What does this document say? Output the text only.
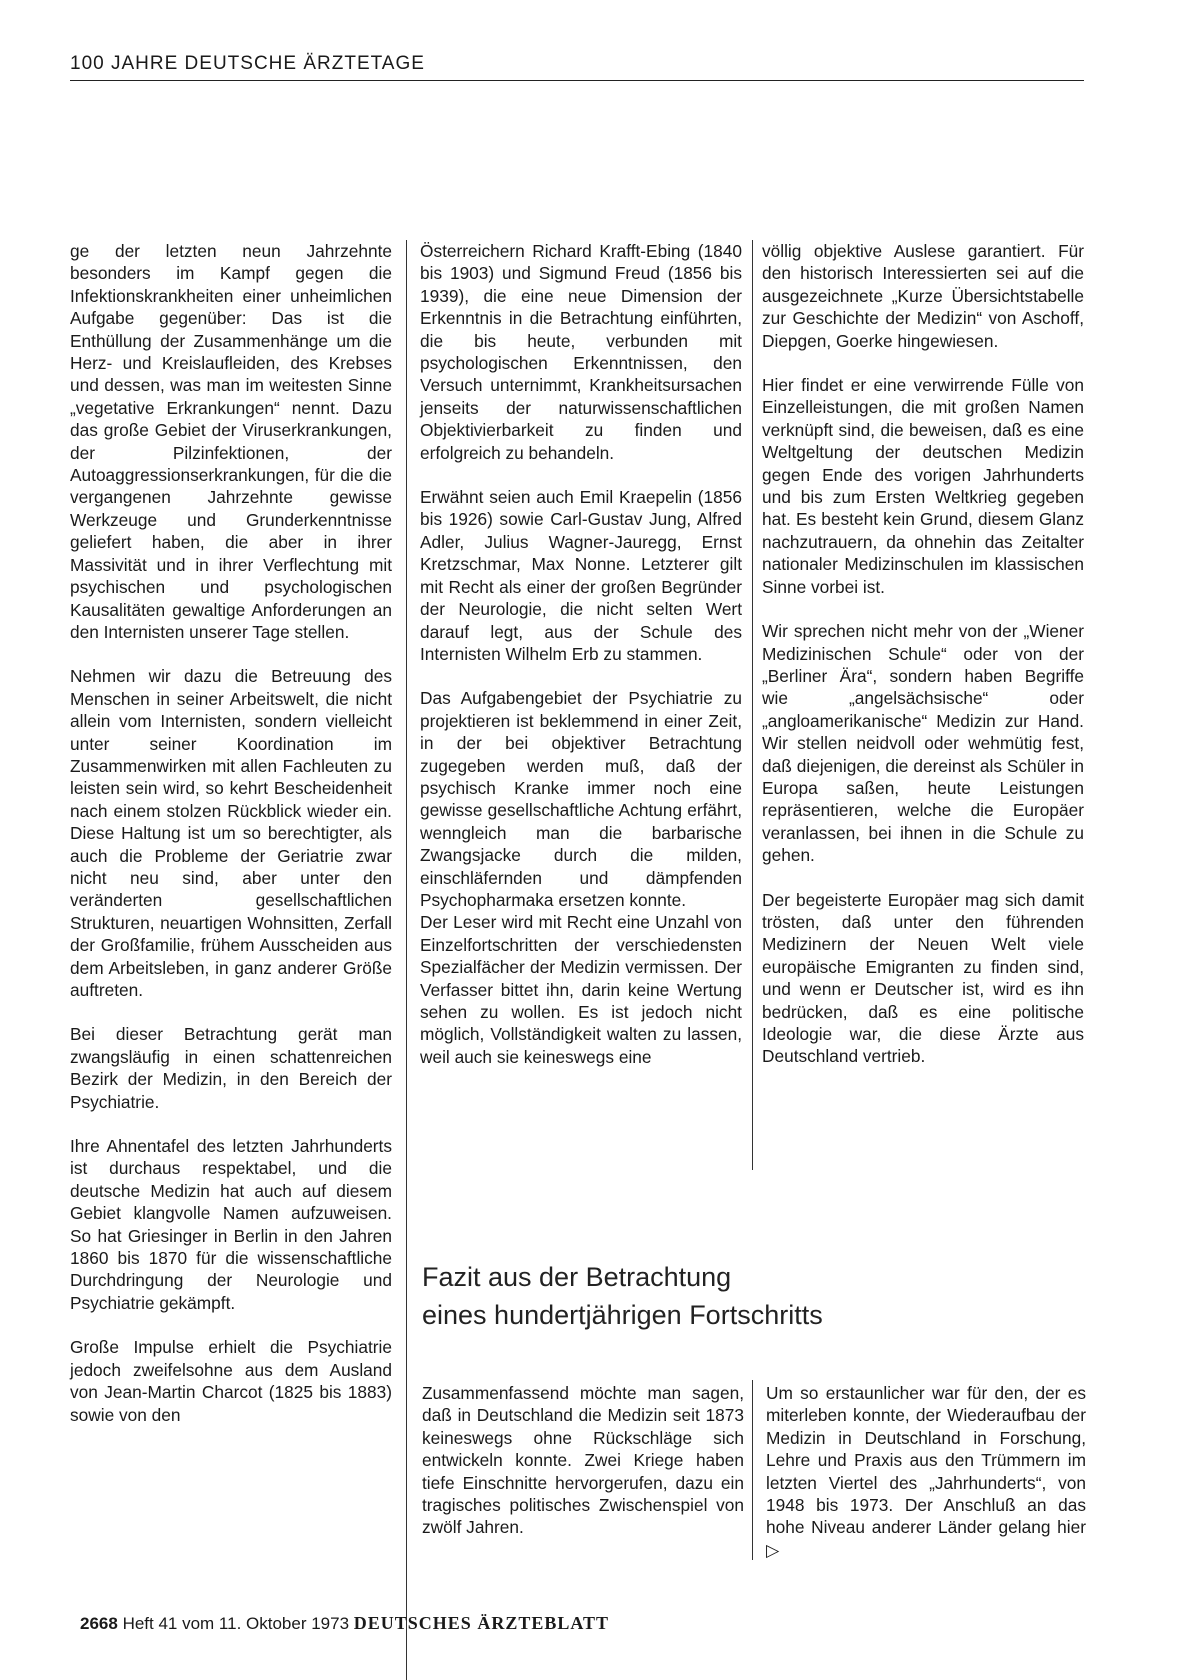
100 JAHRE DEUTSCHE ÄRZTETAGE

ge der letzten neun Jahrzehnte besonders im Kampf gegen die Infektionskrankheiten einer unheimlichen Aufgabe gegenüber: Das ist die Enthüllung der Zusammenhänge um die Herz- und Kreislaufleiden, des Krebses und dessen, was man im weitesten Sinne „vegetative Erkrankungen“ nennt. Dazu das große Gebiet der Viruserkrankungen, der Pilzinfektionen, der Autoaggressionserkrankungen, für die die vergangenen Jahrzehnte gewisse Werkzeuge und Grunderkenntnisse geliefert haben, die aber in ihrer Massivität und in ihrer Verflechtung mit psychischen und psychologischen Kausalitäten gewaltige Anforderungen an den Internisten unserer Tage stellen.

Nehmen wir dazu die Betreuung des Menschen in seiner Arbeitswelt, die nicht allein vom Internisten, sondern vielleicht unter seiner Koordination im Zusammenwirken mit allen Fachleuten zu leisten sein wird, so kehrt Bescheidenheit nach einem stolzen Rückblick wieder ein. Diese Haltung ist um so berechtigter, als auch die Probleme der Geriatrie zwar nicht neu sind, aber unter den veränderten gesellschaftlichen Strukturen, neuartigen Wohnsitten, Zerfall der Großfamilie, frühem Ausscheiden aus dem Arbeitsleben, in ganz anderer Größe auftreten.

Bei dieser Betrachtung gerät man zwangsläufig in einen schattenreichen Bezirk der Medizin, in den Bereich der Psychiatrie.

Ihre Ahnentafel des letzten Jahrhunderts ist durchaus respektabel, und die deutsche Medizin hat auch auf diesem Gebiet klangvolle Namen aufzuweisen. So hat Griesinger in Berlin in den Jahren 1860 bis 1870 für die wissenschaftliche Durchdringung der Neurologie und Psychiatrie gekämpft.

Große Impulse erhielt die Psychiatrie jedoch zweifelsohne aus dem Ausland von Jean-Martin Charcot (1825 bis 1883) sowie von den

Österreichern Richard Krafft-Ebing (1840 bis 1903) und Sigmund Freud (1856 bis 1939), die eine neue Dimension der Erkenntnis in die Betrachtung einführten, die bis heute, verbunden mit psychologischen Erkenntnissen, den Versuch unternimmt, Krankheitsursachen jenseits der naturwissenschaftlichen Objektivierbarkeit zu finden und erfolgreich zu behandeln.

Erwähnt seien auch Emil Kraepelin (1856 bis 1926) sowie Carl-Gustav Jung, Alfred Adler, Julius Wagner-Jauregg, Ernst Kretzschmar, Max Nonne. Letzterer gilt mit Recht als einer der großen Begründer der Neurologie, die nicht selten Wert darauf legt, aus der Schule des Internisten Wilhelm Erb zu stammen.

Das Aufgabengebiet der Psychiatrie zu projektieren ist beklemmend in einer Zeit, in der bei objektiver Betrachtung zugegeben werden muß, daß der psychisch Kranke immer noch eine gewisse gesellschaftliche Achtung erfährt, wenngleich man die barbarische Zwangsjacke durch die milden, einschläfernden und dämpfenden Psychopharmaka ersetzen konnte.

Der Leser wird mit Recht eine Unzahl von Einzelfortschritten der verschiedensten Spezialfächer der Medizin vermissen. Der Verfasser bittet ihn, darin keine Wertung sehen zu wollen. Es ist jedoch nicht möglich, Vollständigkeit walten zu lassen, weil auch sie keineswegs eine

völlig objektive Auslese garantiert. Für den historisch Interessierten sei auf die ausgezeichnete „Kurze Übersichtstabelle zur Geschichte der Medizin“ von Aschoff, Diepgen, Goerke hingewiesen.

Hier findet er eine verwirrende Fülle von Einzelleistungen, die mit großen Namen verknüpft sind, die beweisen, daß es eine Weltgeltung der deutschen Medizin gegen Ende des vorigen Jahrhunderts und bis zum Ersten Weltkrieg gegeben hat. Es besteht kein Grund, diesem Glanz nachzutrauern, da ohnehin das Zeitalter nationaler Medizinschulen im klassischen Sinne vorbei ist.

Wir sprechen nicht mehr von der „Wiener Medizinischen Schule“ oder von der „Berliner Ära“, sondern haben Begriffe wie „angelsächsische“ oder „angloamerikanische“ Medizin zur Hand. Wir stellen neidvoll oder wehmütig fest, daß diejenigen, die dereinst als Schüler in Europa saßen, heute Leistungen repräsentieren, welche die Europäer veranlassen, bei ihnen in die Schule zu gehen.

Der begeisterte Europäer mag sich damit trösten, daß unter den führenden Medizinern der Neuen Welt viele europäische Emigranten zu finden sind, und wenn er Deutscher ist, wird es ihn bedrücken, daß es eine politische Ideologie war, die diese Ärzte aus Deutschland vertrieb.

Fazit aus der Betrachtung
eines hundertjährigen Fortschritts

Zusammenfassend möchte man sagen, daß in Deutschland die Medizin seit 1873 keineswegs ohne Rückschläge sich entwickeln konnte. Zwei Kriege haben tiefe Einschnitte hervorgerufen, dazu ein tragisches politisches Zwischenspiel von zwölf Jahren.

Um so erstaunlicher war für den, der es miterleben konnte, der Wiederaufbau der Medizin in Deutschland in Forschung, Lehre und Praxis aus den Trümmern im letzten Viertel des „Jahrhunderts“, von 1948 bis 1973. Der Anschluß an das hohe Niveau anderer Länder gelang hier ▷

2668 Heft 41 vom 11. Oktober 1973 DEUTSCHES ÄRZTEBLATT
